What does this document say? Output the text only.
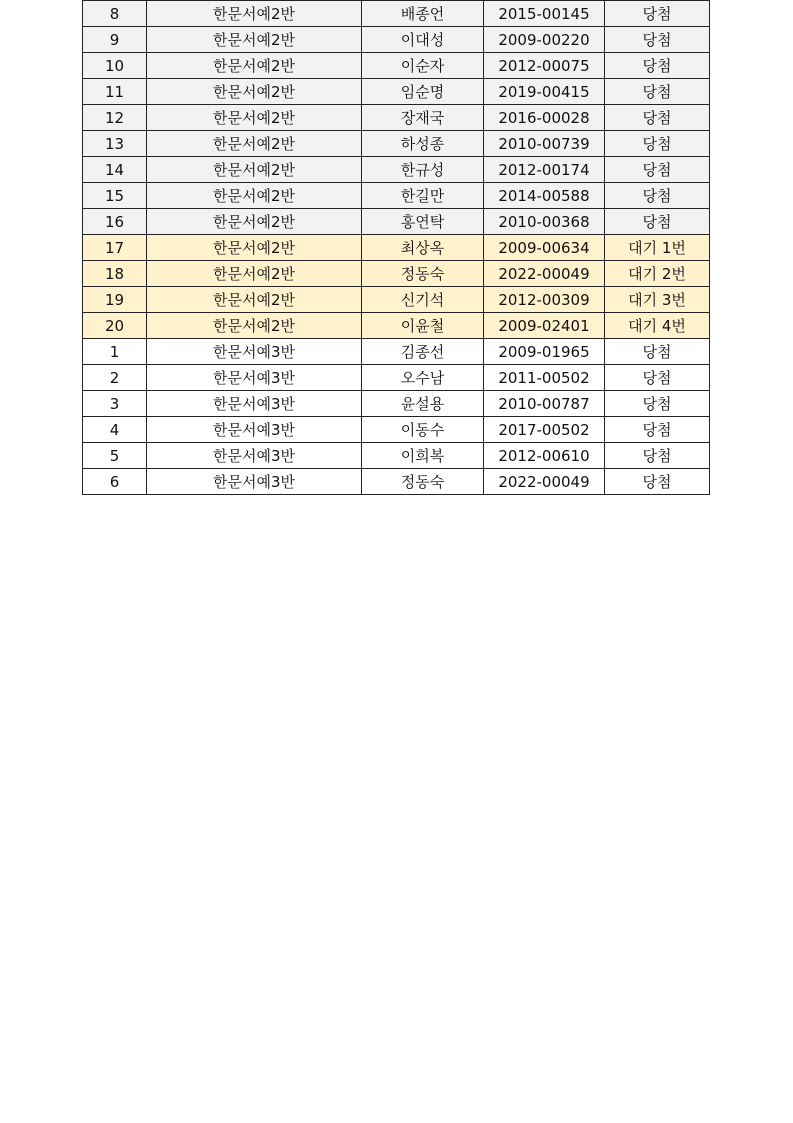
8	한문서예2반	배종언	2015-00145	당첨
9	한문서예2반	이대성	2009-00220	당첨
10	한문서예2반	이순자	2012-00075	당첨
11	한문서예2반	임순명	2019-00415	당첨
12	한문서예2반	장재국	2016-00028	당첨
13	한문서예2반	하성종	2010-00739	당첨
14	한문서예2반	한규성	2012-00174	당첨
15	한문서예2반	한길만	2014-00588	당첨
16	한문서예2반	홍연탁	2010-00368	당첨
17	한문서예2반	최상옥	2009-00634	대기 1번
18	한문서예2반	정동숙	2022-00049	대기 2번
19	한문서예2반	신기석	2012-00309	대기 3번
20	한문서예2반	이윤철	2009-02401	대기 4번
1	한문서예3반	김종선	2009-01965	당첨
2	한문서예3반	오수남	2011-00502	당첨
3	한문서예3반	윤설용	2010-00787	당첨
4	한문서예3반	이동수	2017-00502	당첨
5	한문서예3반	이희복	2012-00610	당첨
6	한문서예3반	정동숙	2022-00049	당첨
